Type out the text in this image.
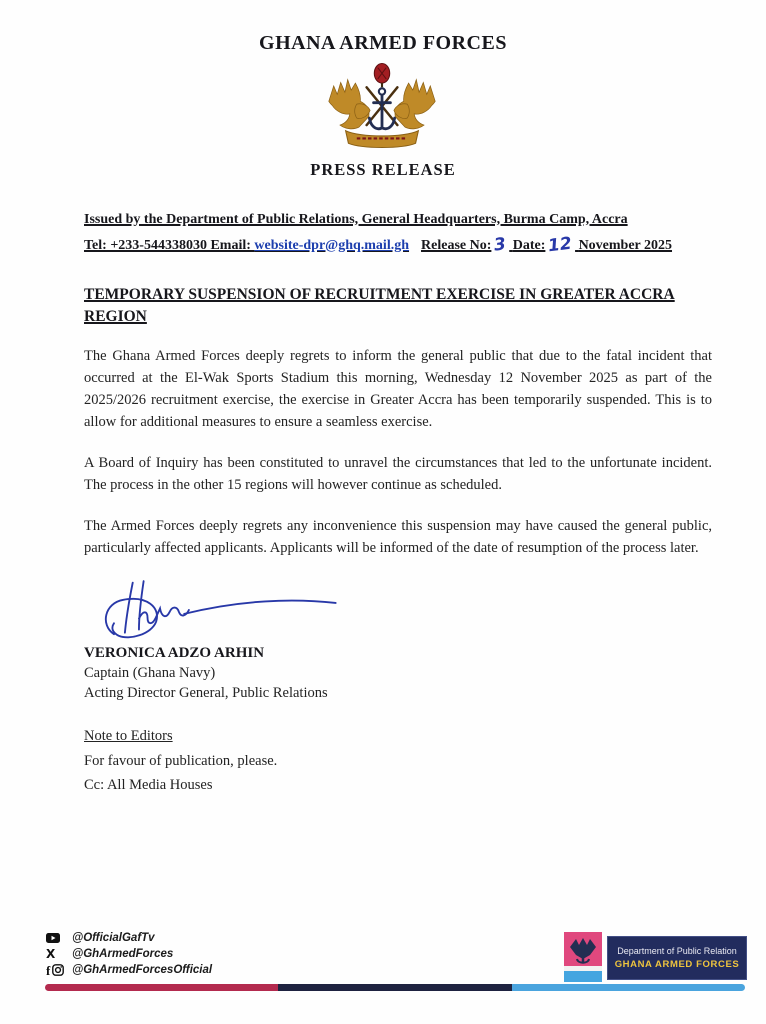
GHANA ARMED FORCES
PRESS RELEASE

Issued by the Department of Public Relations, General Headquarters, Burma Camp, Accra

Tel: +233-544338030 Email: website-dpr@ghq.mail.gh Release No: 3 Date: 12 November 2025

TEMPORARY SUSPENSION OF RECRUITMENT EXERCISE IN GREATER ACCRA REGION

The Ghana Armed Forces deeply regrets to inform the general public that due to the fatal incident that occurred at the El-Wak Sports Stadium this morning, Wednesday 12 November 2025 as part of the 2025/2026 recruitment exercise, the exercise in Greater Accra has been temporarily suspended. This is to allow for additional measures to ensure a seamless exercise.

A Board of Inquiry has been constituted to unravel the circumstances that led to the unfortunate incident. The process in the other 15 regions will however continue as scheduled.

The Armed Forces deeply regrets any inconvenience this suspension may have caused the general public, particularly affected applicants. Applicants will be informed of the date of resumption of the process later.

VERONICA ADZO ARHIN

Captain (Ghana Navy)

Acting Director General, Public Relations

Note to Editors

For favour of publication, please.

Cc: All Media Houses

@OfficialGafTv
X @GhArmedForces
f @GhArmedForcesOfficial

Department of Public Relation

GHANA ARMED FORCES
